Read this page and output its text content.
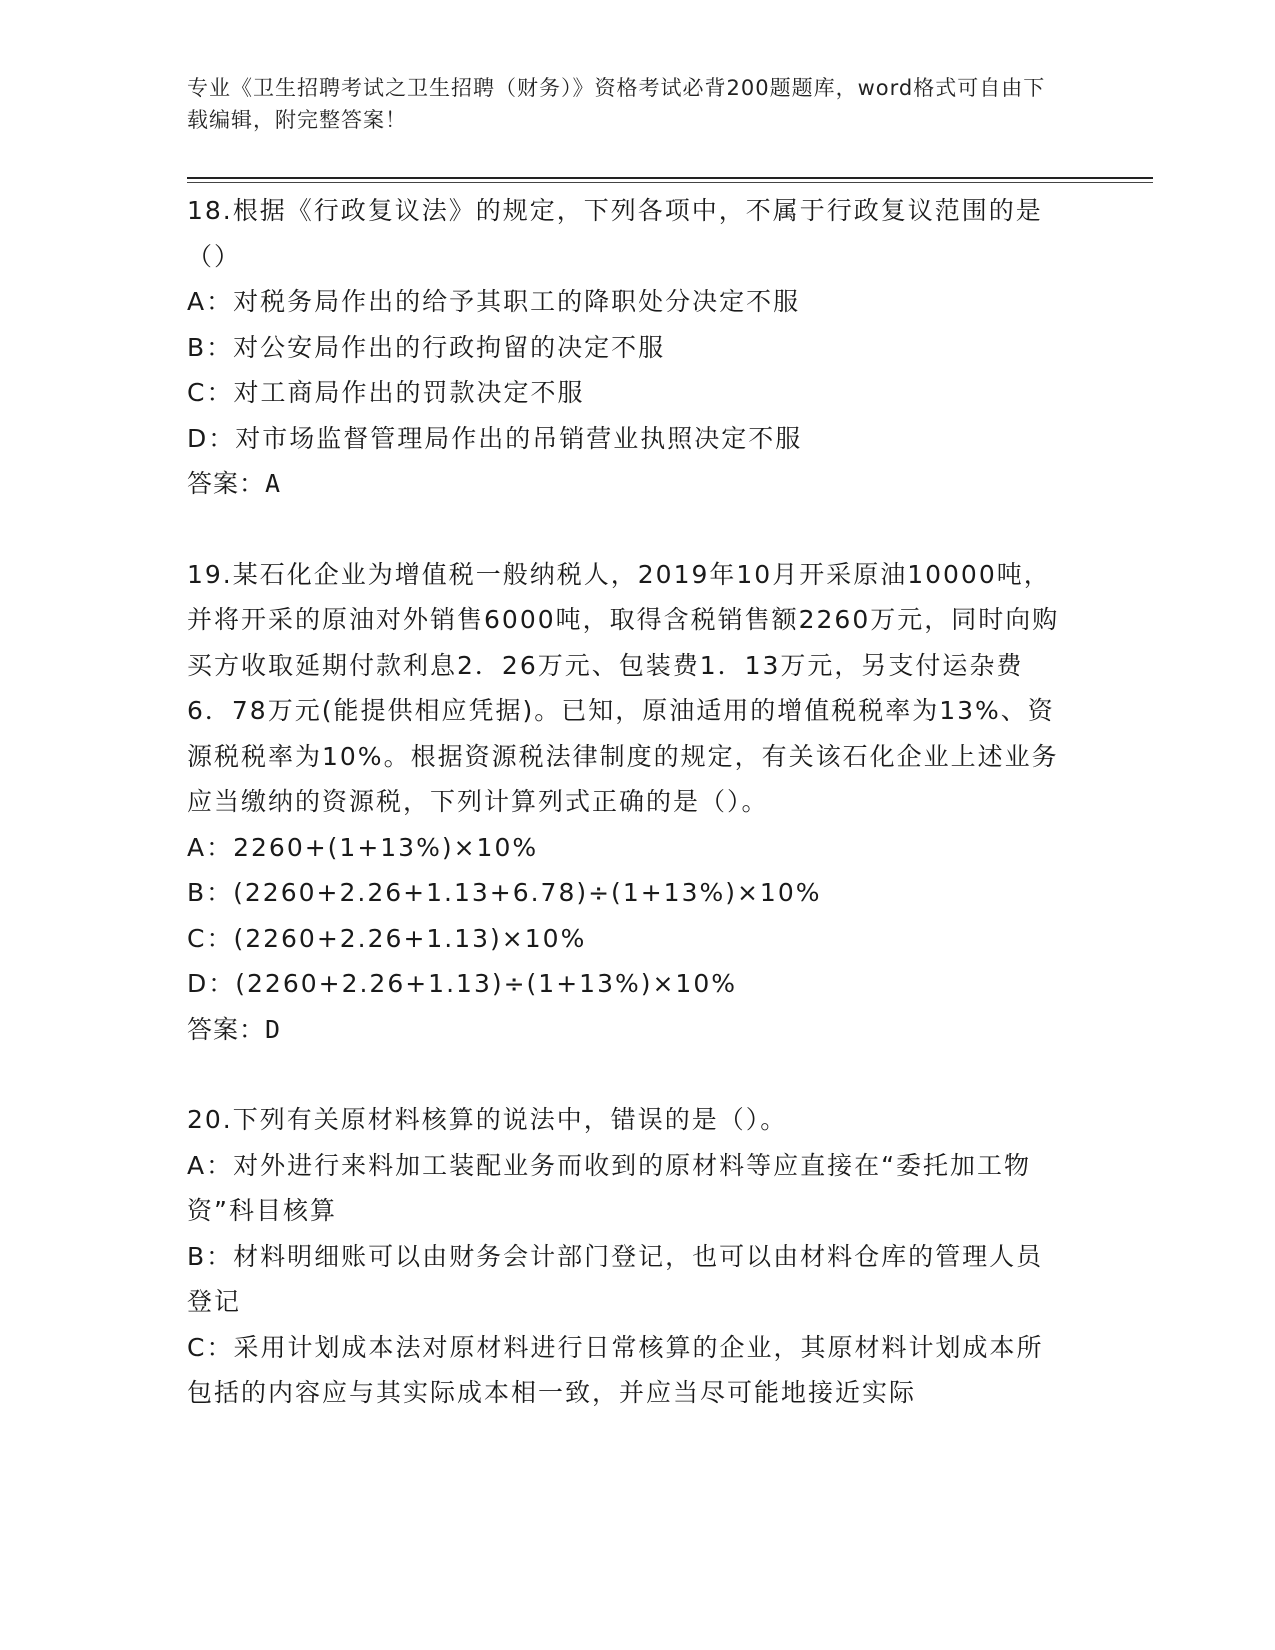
专业《卫生招聘考试之卫生招聘（财务）》资格考试必背200题题库，word格式可自由下载编辑，附完整答案！

18.根据《行政复议法》的规定，下列各项中，不属于行政复议范围的是（）

A：对税务局作出的给予其职工的降职处分决定不服

B：对公安局作出的行政拘留的决定不服

C：对工商局作出的罚款决定不服

D：对市场监督管理局作出的吊销营业执照决定不服

答案：A

19.某石化企业为增值税一般纳税人，2019年10月开采原油10000吨，并将开采的原油对外销售6000吨，取得含税销售额2260万元，同时向购买方收取延期付款利息2．26万元、包装费1．13万元，另支付运杂费6．78万元(能提供相应凭据)。已知，原油适用的增值税税率为13%、资源税税率为10%。根据资源税法律制度的规定，有关该石化企业上述业务应当缴纳的资源税，下列计算列式正确的是（）。

A：2260+(1+13%)×10%

B：(2260+2.26+1.13+6.78)÷(1+13%)×10%

C：(2260+2.26+1.13)×10%

D：(2260+2.26+1.13)÷(1+13%)×10%

答案：D

20.下列有关原材料核算的说法中，错误的是（）。

A：对外进行来料加工装配业务而收到的原材料等应直接在“委托加工物资”科目核算

B：材料明细账可以由财务会计部门登记，也可以由材料仓库的管理人员登记

C：采用计划成本法对原材料进行日常核算的企业，其原材料计划成本所包括的内容应与其实际成本相一致，并应当尽可能地接近实际
